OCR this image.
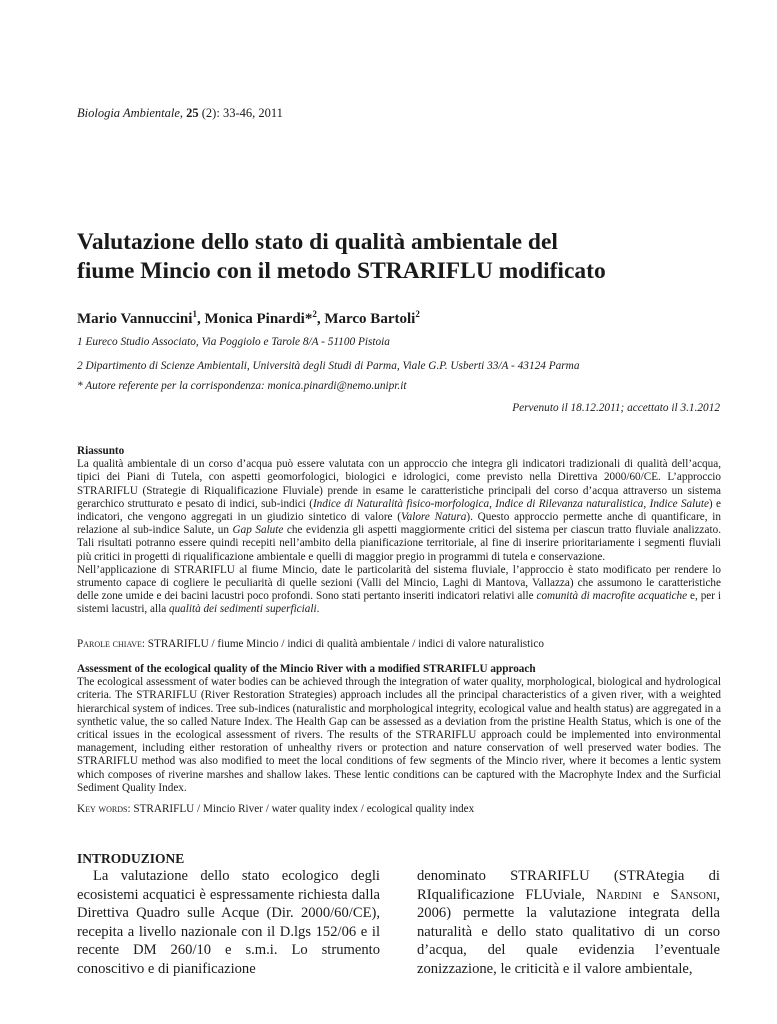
Biologia Ambientale, 25 (2): 33-46, 2011
Valutazione dello stato di qualità ambientale del
fiume Mincio con il metodo STRARIFLU modificato
Mario Vannuccini$^1$, Monica Pinardi*$^2$, Marco Bartoli$^2$
1 Eureco Studio Associato, Via Poggiolo e Tarole 8/A - 51100 Pistoia
2 Dipartimento di Scienze Ambientali, Università degli Studi di Parma, Viale G.P. Usberti 33/A - 43124 Parma
* Autore referente per la corrispondenza: monica.pinardi@nemo.unipr.it
Pervenuto il 18.12.2011; accettato il 3.1.2012
Riassunto

La qualità ambientale di un corso d’acqua può essere valutata con un approccio che integra gli indicatori tradizionali di qualità dell’acqua, tipici dei Piani di Tutela, con aspetti geomorfologici, biologici e idrologici, come previsto nella Direttiva 2000/60/CE. L’approccio STRARIFLU (Strategie di Riqualificazione Fluviale) prende in esame le caratteristiche principali del corso d’acqua attraverso un sistema gerarchico strutturato e pesato di indici, sub-indici (Indice di Naturalità fisico-morfologica, Indice di Rilevanza naturalistica, Indice Salute) e indicatori, che vengono aggregati in un giudizio sintetico di valore (Valore Natura). Questo approccio permette anche di quantificare, in relazione al sub-indice Salute, un Gap Salute che evidenzia gli aspetti maggiormente critici del sistema per ciascun tratto fluviale analizzato. Tali risultati potranno essere quindi recepiti nell’ambito della pianificazione territoriale, al fine di inserire prioritariamente i segmenti fluviali più critici in progetti di riqualificazione ambientale e quelli di maggior pregio in programmi di tutela e conservazione.

Nell’applicazione di STRARIFLU al fiume Mincio, date le particolarità del sistema fluviale, l’approccio è stato modificato per rendere lo strumento capace di cogliere le peculiarità di quelle sezioni (Valli del Mincio, Laghi di Mantova, Vallazza) che assumono le caratteristiche delle zone umide e dei bacini lacustri poco profondi. Sono stati pertanto inseriti indicatori relativi alle comunità di macrofite acquatiche e, per i sistemi lacustri, alla qualità dei sedimenti superficiali.

Parole chiave: STRARIFLU / fiume Mincio / indici di qualità ambientale / indici di valore naturalistico
Assessment of the ecological quality of the Mincio River with a modified STRARIFLU approach

The ecological assessment of water bodies can be achieved through the integration of water quality, morphological, biological and hydrological criteria. The STRARIFLU (River Restoration Strategies) approach includes all the principal characteristics of a given river, with a weighted hierarchical system of indices. Tree sub-indices (naturalistic and morphological integrity, ecological value and health status) are aggregated in a synthetic value, the so called Nature Index. The Health Gap can be assessed as a deviation from the pristine Health Status, which is one of the critical issues in the ecological assessment of rivers. The results of the STRARIFLU approach could be implemented into environmental management, including either restoration of unhealthy rivers or protection and nature conservation of well preserved water bodies. The STRARIFLU method was also modified to meet the local conditions of few segments of the Mincio river, where it becomes a lentic system which composes of riverine marshes and shallow lakes. These lentic conditions can be captured with the Macrophyte Index and the Surficial Sediment Quality Index.

Key words: STRARIFLU / Mincio River / water quality index / ecological quality index
INTRODUZIONE

La valutazione dello stato ecologico degli ecosistemi acquatici è espressamente richiesta dalla Direttiva Quadro sulle Acque (Dir. 2000/60/CE), recepita a livello nazionale con il D.lgs 152/06 e il recente DM 260/10 e s.m.i. Lo strumento conoscitivo e di pianificazione

denominato STRARIFLU (STRAtegia di RIqualificazione FLUviale, Nardini e Sansoni, 2006) permette la valutazione integrata della naturalità e dello stato qualitativo di un corso d’acqua, del quale evidenzia l’eventuale zonizzazione, le criticità e il valore ambientale,
